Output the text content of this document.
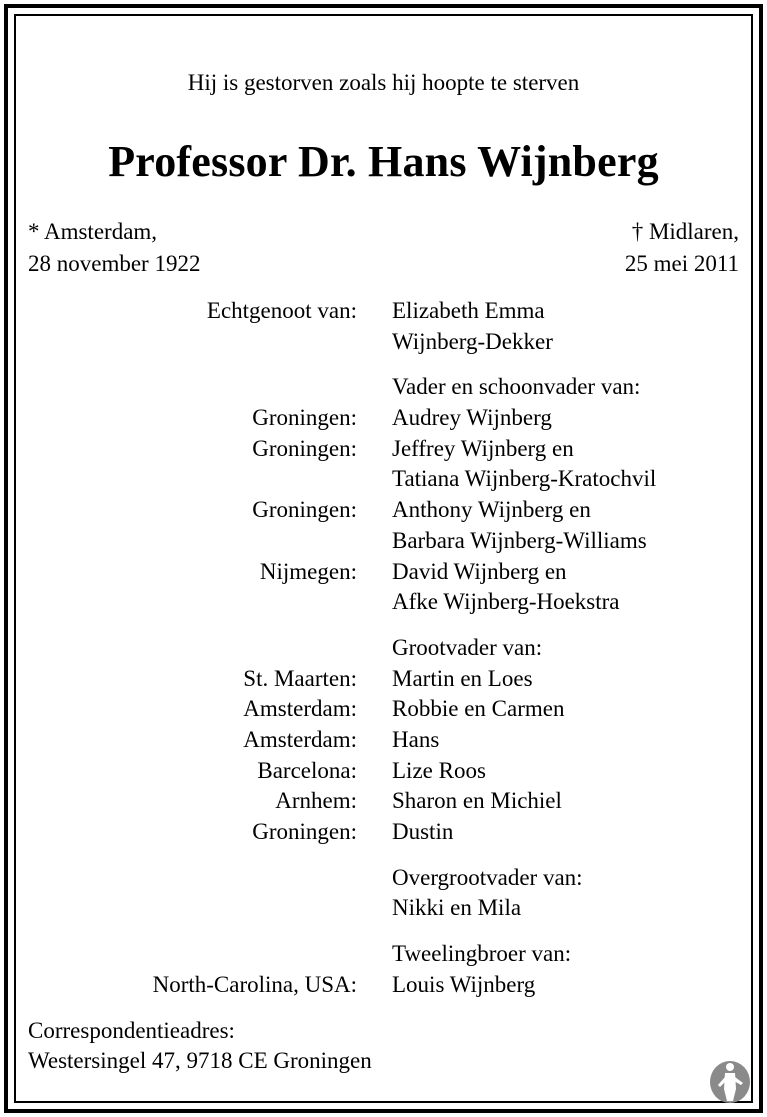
Hij is gestorven zoals hij hoopte te sterven
Professor Dr. Hans Wijnberg
* Amsterdam,
28 november 1922
† Midlaren,
25 mei 2011
Echtgenoot van: Elizabeth Emma
Wijnberg-Dekker
Vader en schoonvader van:
Groningen: Audrey Wijnberg
Groningen: Jeffrey Wijnberg en
Tatiana Wijnberg-Kratochvil
Groningen: Anthony Wijnberg en
Barbara Wijnberg-Williams
Nijmegen: David Wijnberg en
Afke Wijnberg-Hoekstra
Grootvader van:
St. Maarten: Martin en Loes
Amsterdam: Robbie en Carmen
Amsterdam: Hans
Barcelona: Lize Roos
Arnhem: Sharon en Michiel
Groningen: Dustin
Overgrootvader van:
Nikki en Mila
Tweelingbroer van:
North-Carolina, USA: Louis Wijnberg
Correspondentieadres:
Westersingel 47, 9718 CE Groningen
